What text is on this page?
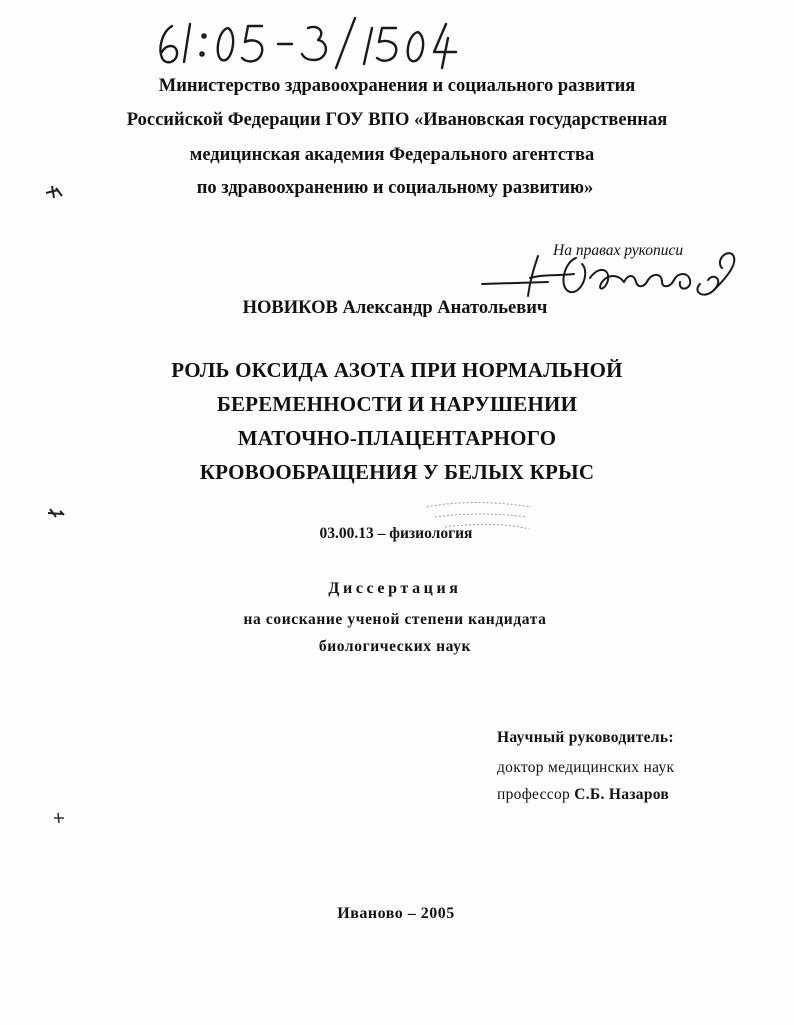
Министерство здравоохранения и социального развития
Российской Федерации ГОУ ВПО «Ивановская государственная
медицинская академия Федерального агентства
по здравоохранению и социальному развитию»
На правах рукописи
НОВИКОВ Александр Анатольевич
РОЛЬ ОКСИДА АЗОТА ПРИ НОРМАЛЬНОЙ
БЕРЕМЕННОСТИ И НАРУШЕНИИ
МАТОЧНО-ПЛАЦЕНТАРНОГО
КРОВООБРАЩЕНИЯ У БЕЛЫХ КРЫС
03.00.13 – физиология
Диссертация
на соискание ученой степени кандидата
биологических наук
Научный руководитель:
доктор медицинских наук
профессор С.Б. Назаров
Иваново – 2005
